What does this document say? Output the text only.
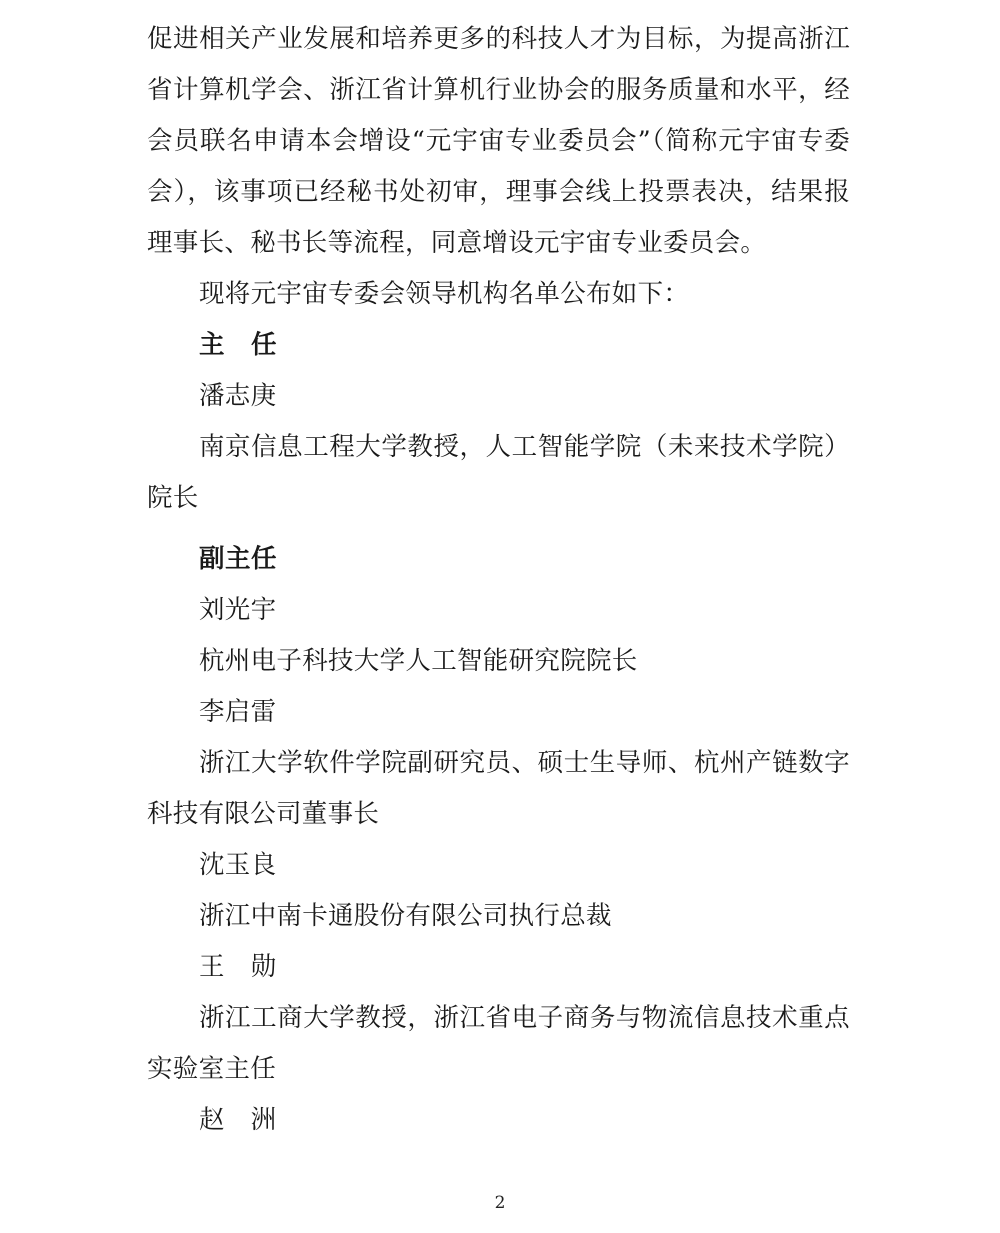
促进相关产业发展和培养更多的科技人才为目标，为提高浙江省计算机学会、浙江省计算机行业协会的服务质量和水平，经会员联名申请本会增设“元宇宙专业委员会”（简称元宇宙专委会），该事项已经秘书处初审，理事会线上投票表决，结果报理事长、秘书长等流程，同意增设元宇宙专业委员会。

现将元宇宙专委会领导机构名单公布如下：

主　任

潘志庚

南京信息工程大学教授，人工智能学院（未来技术学院）院长

副主任

刘光宇

杭州电子科技大学人工智能研究院院长

李启雷

浙江大学软件学院副研究员、硕士生导师、杭州产链数字科技有限公司董事长

沈玉良

浙江中南卡通股份有限公司执行总裁

王　勋

浙江工商大学教授，浙江省电子商务与物流信息技术重点实验室主任

赵　洲

2
